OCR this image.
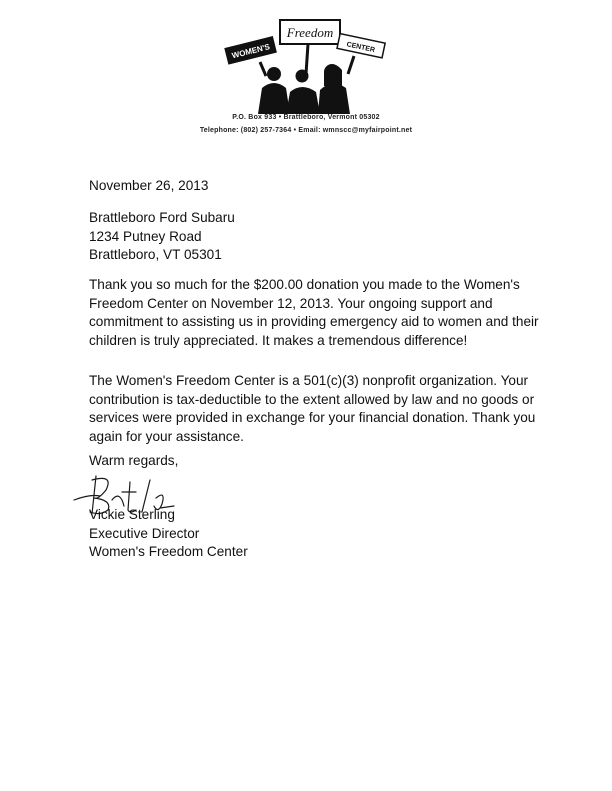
WOMEN'S
Freedom
CENTER
P.O. Box 933 • Brattleboro, Vermont 05302
Telephone: (802) 257-7364 • Email: wmnscc@myfairpoint.net
November 26, 2013
Brattleboro Ford Subaru
1234 Putney Road
Brattleboro, VT 05301

Thank you so much for the $200.00 donation you made to the Women's Freedom Center on November 12, 2013. Your ongoing support and commitment to assisting us in providing emergency aid to women and their children is truly appreciated. It makes a tremendous difference!

The Women's Freedom Center is a 501(c)(3) nonprofit organization. Your contribution is tax-deductible to the extent allowed by law and no goods or services were provided in exchange for your financial donation. Thank you again for your assistance.

Warm regards,
Vickie Sterling
Executive Director
Women's Freedom Center
